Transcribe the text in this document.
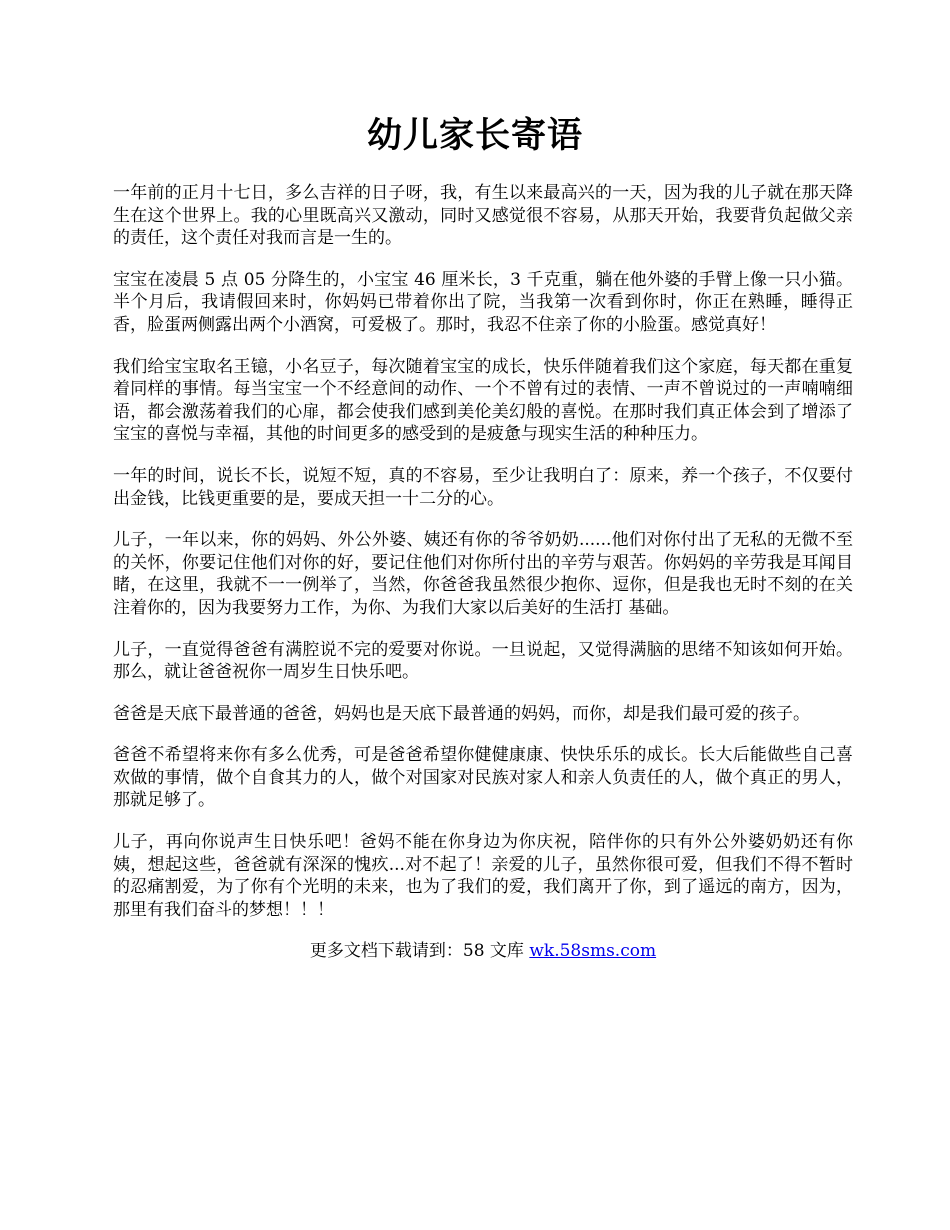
幼儿家长寄语

一年前的正月十七日，多么吉祥的日子呀，我，有生以来最高兴的一天，因为我的儿子就在那天降生在这个世界上。我的心里既高兴又激动，同时又感觉很不容易，从那天开始，我要背负起做父亲的责任，这个责任对我而言是一生的。

宝宝在凌晨 5 点 05 分降生的，小宝宝 46 厘米长，3 千克重，躺在他外婆的手臂上像一只小猫。半个月后，我请假回来时，你妈妈已带着你出了院，当我第一次看到你时，你正在熟睡，睡得正香，脸蛋两侧露出两个小酒窝，可爱极了。那时，我忍不住亲了你的小脸蛋。感觉真好！

我们给宝宝取名王镱，小名豆子，每次随着宝宝的成长，快乐伴随着我们这个家庭，每天都在重复着同样的事情。每当宝宝一个不经意间的动作、一个不曾有过的表情、一声不曾说过的一声喃喃细语，都会激荡着我们的心扉，都会使我们感到美伦美幻般的喜悦。在那时我们真正体会到了增添了宝宝的喜悦与幸福，其他的时间更多的感受到的是疲惫与现实生活的种种压力。

一年的时间，说长不长，说短不短，真的不容易，至少让我明白了：原来，养一个孩子，不仅要付出金钱，比钱更重要的是，要成天担一十二分的心。

儿子，一年以来，你的妈妈、外公外婆、姨还有你的爷爷奶奶......他们对你付出了无私的无微不至的关怀，你要记住他们对你的好，要记住他们对你所付出的辛劳与艰苦。你妈妈的辛劳我是耳闻目睹，在这里，我就不一一例举了，当然，你爸爸我虽然很少抱你、逗你，但是我也无时不刻的在关注着你的，因为我要努力工作，为你、为我们大家以后美好的生活打 基础。

儿子，一直觉得爸爸有满腔说不完的爱要对你说。一旦说起，又觉得满脑的思绪不知该如何开始。那么，就让爸爸祝你一周岁生日快乐吧。

爸爸是天底下最普通的爸爸，妈妈也是天底下最普通的妈妈，而你，却是我们最可爱的孩子。

爸爸不希望将来你有多么优秀，可是爸爸希望你健健康康、快快乐乐的成长。长大后能做些自己喜欢做的事情，做个自食其力的人，做个对国家对民族对家人和亲人负责任的人，做个真正的男人，那就足够了。

儿子，再向你说声生日快乐吧！爸妈不能在你身边为你庆祝，陪伴你的只有外公外婆奶奶还有你姨，想起这些，爸爸就有深深的愧疚...对不起了！亲爱的儿子，虽然你很可爱，但我们不得不暂时的忍痛割爱，为了你有个光明的未来，也为了我们的爱，我们离开了你，到了遥远的南方，因为，那里有我们奋斗的梦想！！！

更多文档下载请到：58 文库 wk.58sms.com
